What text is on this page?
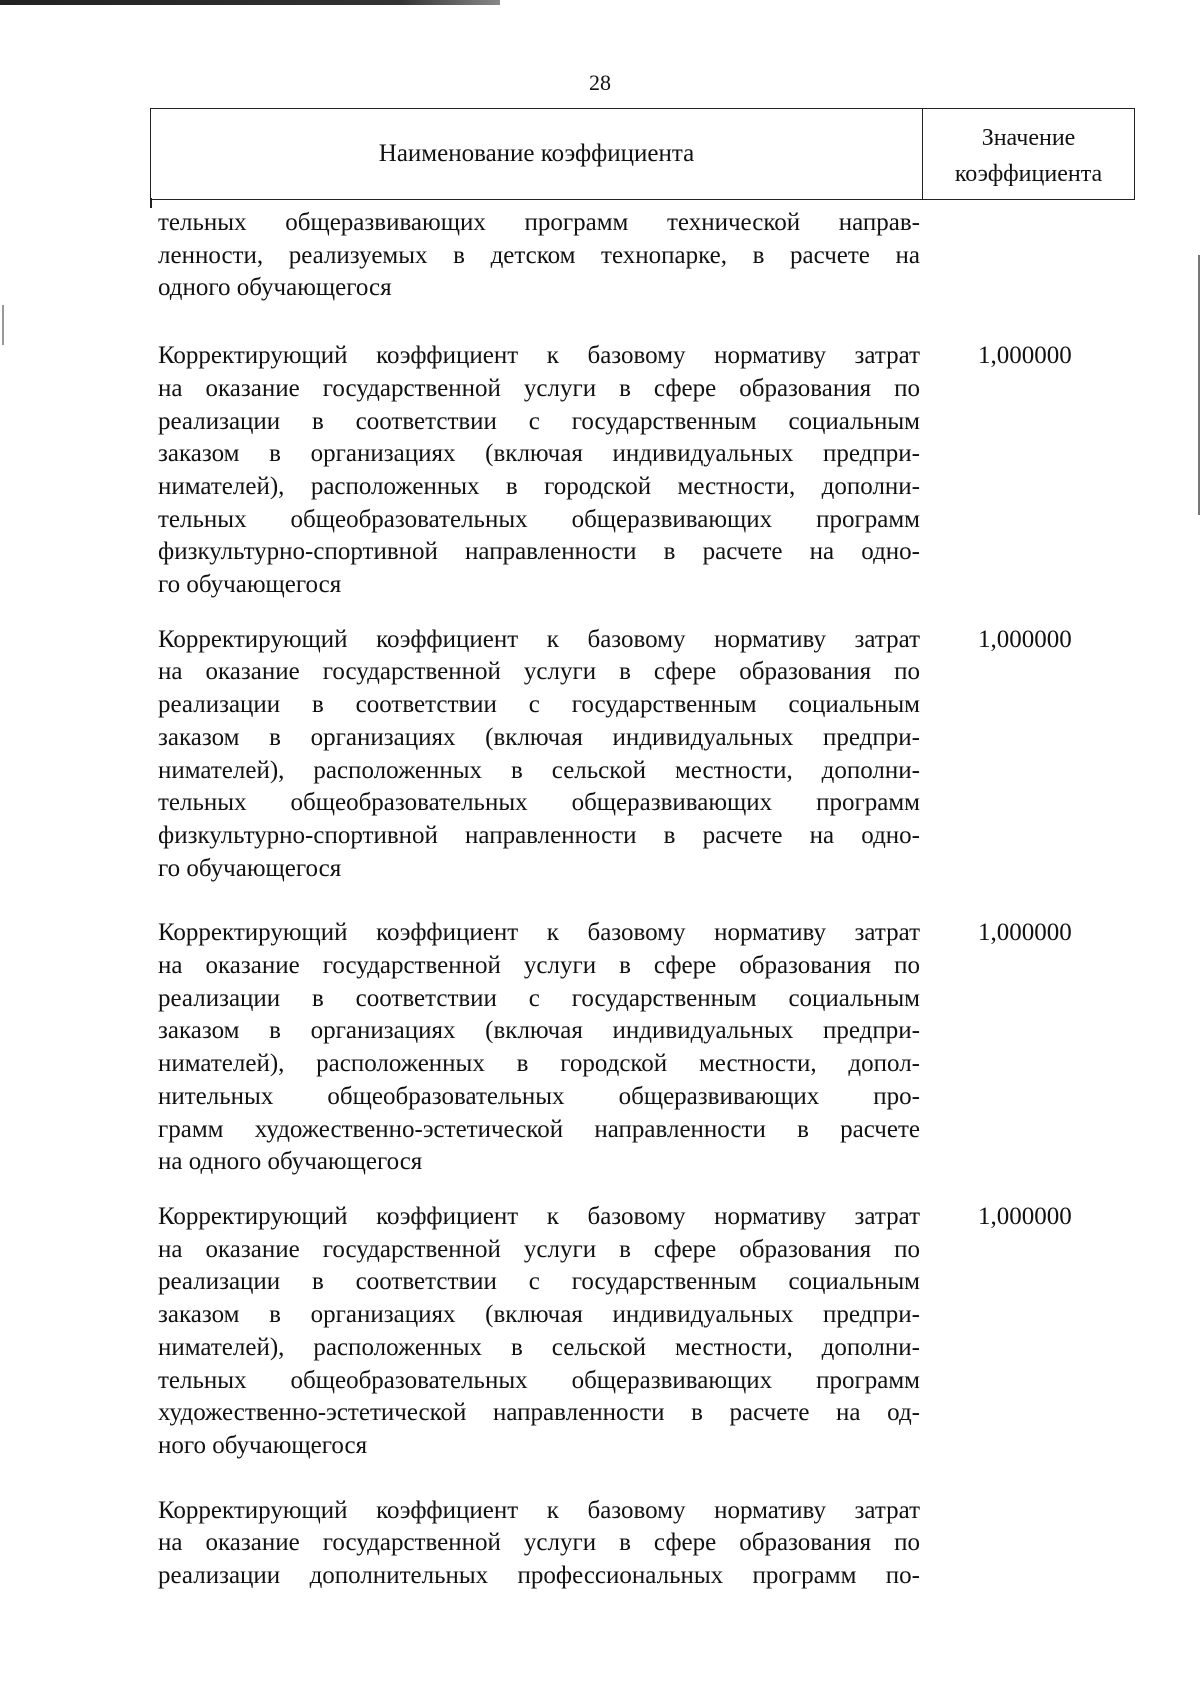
28
Наименование коэффициента
Значение коэффициента
тельных общеразвивающих программ технической направ-
ленности, реализуемых в детском технопарке, в расчете на
одного обучающегося
Корректирующий коэффициент к базовому нормативу затрат
на оказание государственной услуги в сфере образования по
реализации в соответствии с государственным социальным
заказом в организациях (включая индивидуальных предпри-
нимателей), расположенных в городской местности, дополни-
тельных общеобразовательных общеразвивающих программ
физкультурно-спортивной направленности в расчете на одно-
го обучающегося
1,000000
Корректирующий коэффициент к базовому нормативу затрат
на оказание государственной услуги в сфере образования по
реализации в соответствии с государственным социальным
заказом в организациях (включая индивидуальных предпри-
нимателей), расположенных в сельской местности, дополни-
тельных общеобразовательных общеразвивающих программ
физкультурно-спортивной направленности в расчете на одно-
го обучающегося
1,000000
Корректирующий коэффициент к базовому нормативу затрат
на оказание государственной услуги в сфере образования по
реализации в соответствии с государственным социальным
заказом в организациях (включая индивидуальных предпри-
нимателей), расположенных в городской местности, допол-
нительных общеобразовательных общеразвивающих про-
грамм художественно-эстетической направленности в расчете
на одного обучающегося
1,000000
Корректирующий коэффициент к базовому нормативу затрат
на оказание государственной услуги в сфере образования по
реализации в соответствии с государственным социальным
заказом в организациях (включая индивидуальных предпри-
нимателей), расположенных в сельской местности, дополни-
тельных общеобразовательных общеразвивающих программ
художественно-эстетической направленности в расчете на од-
ного обучающегося
1,000000
Корректирующий коэффициент к базовому нормативу затрат
на оказание государственной услуги в сфере образования по
реализации дополнительных профессиональных программ по-
